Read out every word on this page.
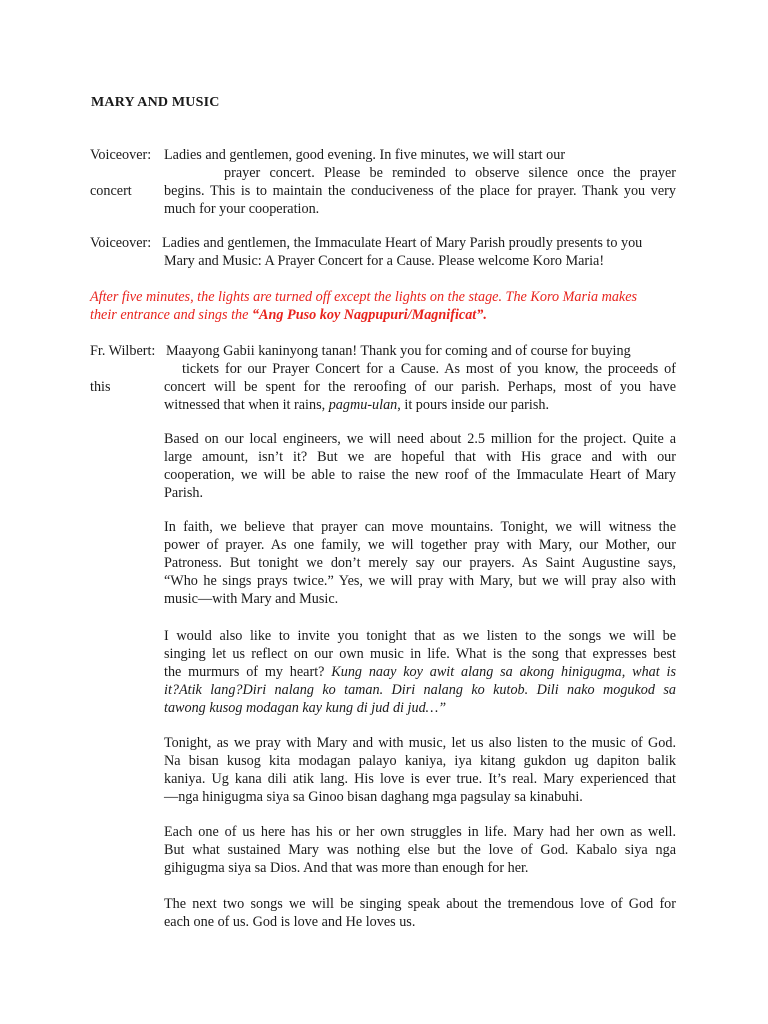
MARY AND MUSIC
Voiceover: Ladies and gentlemen, good evening. In five minutes, we will start our
prayer concert. Please be reminded to observe silence once the prayer
concert begins. This is to maintain the conduciveness of the place for prayer. Thank you very
much for your cooperation.
Voiceover: Ladies and gentlemen, the Immaculate Heart of Mary Parish proudly presents to you
Mary and Music: A Prayer Concert for a Cause. Please welcome Koro Maria!
After five minutes, the lights are turned off except the lights on the stage. The Koro Maria makes
their entrance and sings the “Ang Puso koy Nagpupuri/Magnificat”.
Fr. Wilbert: Maayong Gabii kaninyong tanan! Thank you for coming and of course for buying
tickets for our Prayer Concert for a Cause. As most of you know, the proceeds of
this	concert will be spent for the reroofing of our parish. Perhaps, most of you have
witnessed that when it rains, pagmu-ulan, it pours inside our parish.
Based on our local engineers, we will need about 2.5 million for the project. Quite a
large amount, isn’t it? But we are hopeful that with His grace and with our
cooperation, we will be able to raise the new roof of the Immaculate Heart of Mary
Parish.
In faith, we believe that prayer can move mountains. Tonight, we will witness the
power of prayer. As one family, we will together pray with Mary, our Mother, our
Patroness. But tonight we don’t merely say our prayers. As Saint Augustine says,
“Who he sings prays twice.” Yes, we will pray with Mary, but we will pray also with
music—with Mary and Music.
I would also like to invite you tonight that as we listen to the songs we will be
singing let us reflect on our own music in life. What is the song that expresses best
the murmurs of my heart? Kung naay koy awit alang sa akong hinigugma, what is
it?Atik lang?Diri nalang ko taman. Diri nalang ko kutob. Dili nako mogukod sa
tawong kusog modagan kay kung di jud di jud…”
Tonight, as we pray with Mary and with music, let us also listen to the music of God.
Na bisan kusog kita modagan palayo kaniya, iya kitang gukdon ug dapiton balik
kaniya. Ug kana dili atik lang. His love is ever true. It’s real. Mary experienced that
—nga hinigugma siya sa Ginoo bisan daghang mga pagsulay sa kinabuhi.
Each one of us here has his or her own struggles in life. Mary had her own as well.
But what sustained Mary was nothing else but the love of God. Kabalo siya nga
gihigugma siya sa Dios. And that was more than enough for her.
The next two songs we will be singing speak about the tremendous love of God for
each one of us. God is love and He loves us.
